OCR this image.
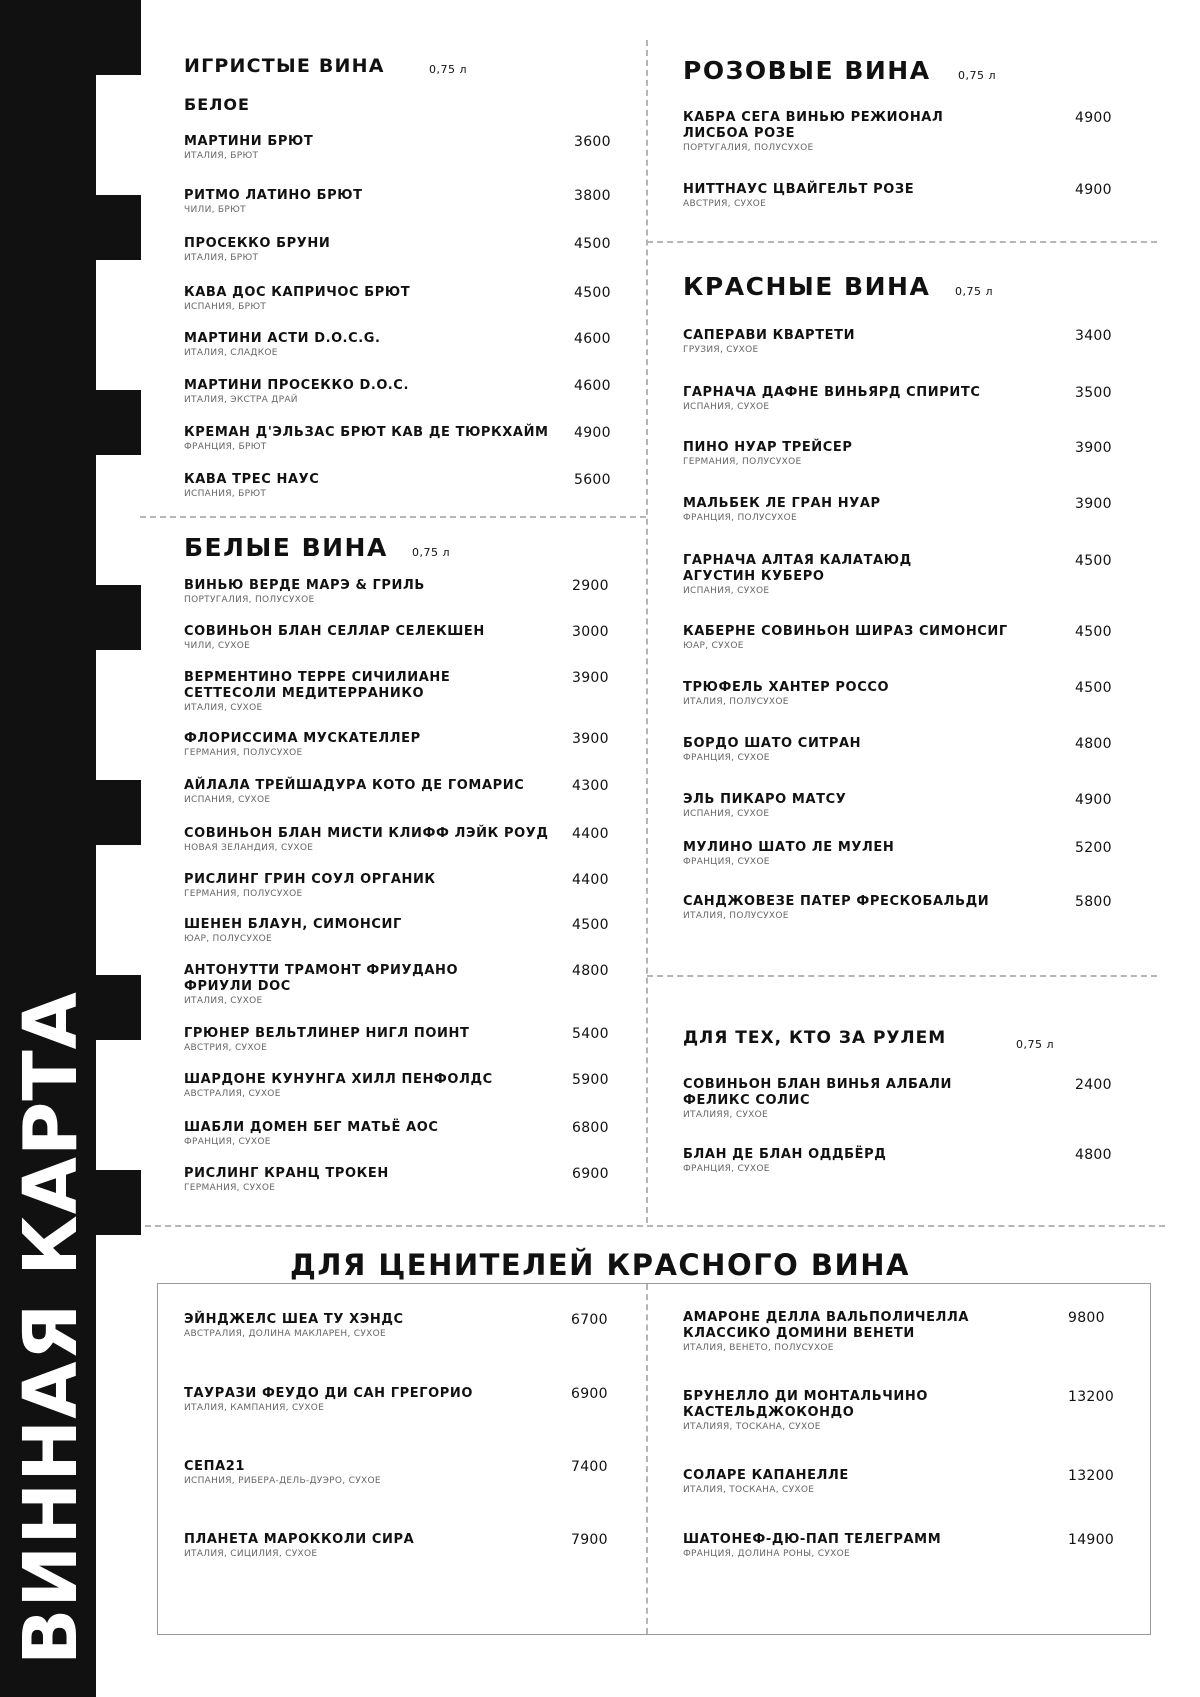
ВИННАЯ КАРТА
ИГРИСТЫЕ ВИНА	0,75 л
БЕЛОЕ
МАРТИНИ БРЮТ
ИТАЛИЯ, БРЮТ
3600
РИТМО ЛАТИНО БРЮТ
ЧИЛИ, БРЮТ
3800
ПРОСЕККО БРУНИ
ИТАЛИЯ, БРЮТ
4500
КАВА ДОС КАПРИЧОС БРЮТ
ИСПАНИЯ, БРЮТ
4500
МАРТИНИ АСТИ D.O.C.G.
ИТАЛИЯ, СЛАДКОЕ
4600
МАРТИНИ ПРОСЕККО D.O.C.
ИТАЛИЯ, ЭКСТРА ДРАЙ
4600
КРЕМАН Д'ЭЛЬЗАС БРЮТ КАВ ДЕ ТЮРКХАЙМ
ФРАНЦИЯ, БРЮТ
4900
КАВА ТРЕС НАУС
ИСПАНИЯ, БРЮТ
5600
БЕЛЫЕ ВИНА 0,75 л
ВИНЬЮ ВЕРДЕ МАРЭ & ГРИЛЬ
ПОРТУГАЛИЯ, ПОЛУСУХОЕ
2900
СОВИНЬОН БЛАН СЕЛЛАР СЕЛЕКШЕН
ЧИЛИ, СУХОЕ
3000
ВЕРМЕНТИНО ТЕРРЕ СИЧИЛИАНЕ
СЕТТЕСОЛИ МЕДИТЕРРАНИКО
ИТАЛИЯ, СУХОЕ
3900
ФЛОРИССИМА МУСКАТЕЛЛЕР
ГЕРМАНИЯ, ПОЛУСУХОЕ
3900
АЙЛАЛА ТРЕЙШАДУРА КОТО ДЕ ГОМАРИС
ИСПАНИЯ, СУХОЕ
4300
СОВИНЬОН БЛАН МИСТИ КЛИФФ ЛЭЙК РОУД
НОВАЯ ЗЕЛАНДИЯ, СУХОЕ
4400
РИСЛИНГ ГРИН СОУЛ ОРГАНИК
ГЕРМАНИЯ, ПОЛУСУХОЕ
4400
ШЕНЕН БЛАУН, СИМОНСИГ
ЮАР, ПОЛУСУХОЕ
4500
АНТОНУТТИ ТРАМОНТ ФРИУДАНО
ФРИУЛИ DOC
ИТАЛИЯ, СУХОЕ
4800
ГРЮНЕР ВЕЛЬТЛИНЕР НИГЛ ПОИНТ
АВСТРИЯ, СУХОЕ
5400
ШАРДОНЕ КУНУНГА ХИЛЛ ПЕНФОЛДС
АВСТРАЛИЯ, СУХОЕ
5900
ШАБЛИ ДОМЕН БЕГ МАТЬЁ АОС
ФРАНЦИЯ, СУХОЕ
6800
РИСЛИНГ КРАНЦ ТРОКЕН
ГЕРМАНИЯ, СУХОЕ
6900
РОЗОВЫЕ ВИНА 0,75 л
КАБРА СЕГА ВИНЬЮ РЕЖИОНАЛ
ЛИСБОА РОЗЕ
ПОРТУГАЛИЯ, ПОЛУСУХОЕ
4900
НИТТНАУС ЦВАЙГЕЛЬТ РОЗЕ
АВСТРИЯ, СУХОЕ
4900
КРАСНЫЕ ВИНА 0,75 л
САПЕРАВИ КВАРТЕТИ
ГРУЗИЯ, СУХОЕ
3400
ГАРНАЧА ДАФНЕ ВИНЬЯРД СПИРИТС
ИСПАНИЯ, СУХОЕ
3500
ПИНО НУАР ТРЕЙСЕР
ГЕРМАНИЯ, ПОЛУСУХОЕ
3900
МАЛЬБЕК ЛЕ ГРАН НУАР
ФРАНЦИЯ, ПОЛУСУХОЕ
3900
ГАРНАЧА АЛТАЯ КАЛАТАЮД
АГУСТИН КУБЕРО
ИСПАНИЯ, СУХОЕ
4500
КАБЕРНЕ СОВИНЬОН ШИРАЗ СИМОНСИГ
ЮАР, СУХОЕ
4500
ТРЮФЕЛЬ ХАНТЕР РОССО
ИТАЛИЯ, ПОЛУСУХОЕ
4500
БОРДО ШАТО СИТРАН
ФРАНЦИЯ, СУХОЕ
4800
ЭЛЬ ПИКАРО МАТСУ
ИСПАНИЯ, СУХОЕ
4900
МУЛИНО ШАТО ЛЕ МУЛЕН
ФРАНЦИЯ, СУХОЕ
5200
САНДЖОВЕЗЕ ПАТЕР ФРЕСКОБАЛЬДИ
ИТАЛИЯ, ПОЛУСУХОЕ
5800
ДЛЯ ТЕХ, КТО ЗА РУЛЕМ	0,75 л
СОВИНЬОН БЛАН ВИНЬЯ АЛБАЛИ
ФЕЛИКС СОЛИС
ИТАЛИЯЯ, СУХОЕ
2400
БЛАН ДЕ БЛАН ОДДБЁРД
ФРАНЦИЯ, СУХОЕ
4800
ДЛЯ ЦЕНИТЕЛЕЙ КРАСНОГО ВИНА
ЭЙНДЖЕЛС ШЕА ТУ ХЭНДС
АВСТРАЛИЯ, ДОЛИНА МАКЛАРЕН, СУХОЕ
6700
ТАУРАЗИ ФЕУДО ДИ САН ГРЕГОРИО
ИТАЛИЯ, КАМПАНИЯ, СУХОЕ
6900
СЕПА21
ИСПАНИЯ, РИБЕРА-ДЕЛЬ-ДУЭРО, СУХОЕ
7400
ПЛАНЕТА МАРОККОЛИ СИРА
ИТАЛИЯ, СИЦИЛИЯ, СУХОЕ
7900
АМАРОНЕ ДЕЛЛА ВАЛЬПОЛИЧЕЛЛА
КЛАССИКО ДОМИНИ ВЕНЕТИ
ИТАЛИЯ, ВЕНЕТО, ПОЛУСУХОЕ
9800
БРУНЕЛЛО ДИ МОНТАЛЬЧИНО
КАСТЕЛЬДЖОКОНДО
ИТАЛИЯЯ, ТОСКАНА, СУХОЕ
13200
СОЛАРЕ КАПАНЕЛЛЕ
ИТАЛИЯ, ТОСКАНА, СУХОЕ
13200
ШАТОНЕФ-ДЮ-ПАП ТЕЛЕГРАММ
ФРАНЦИЯ, ДОЛИНА РОНЫ, СУХОЕ
14900
